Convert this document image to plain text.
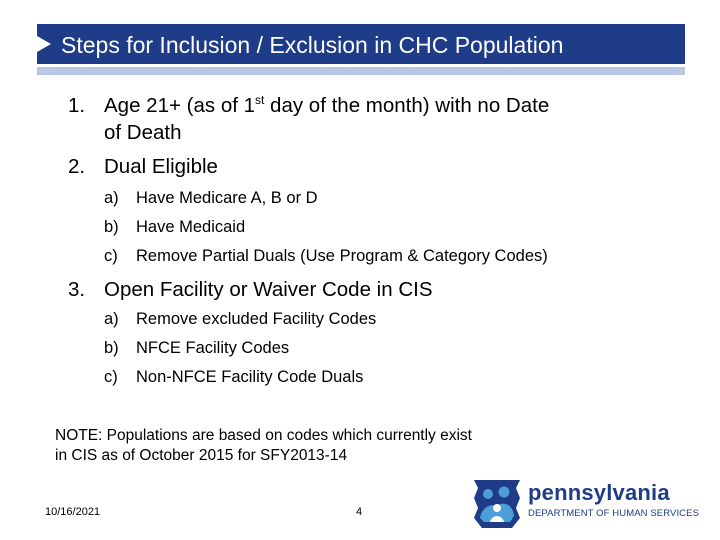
Steps for Inclusion / Exclusion in CHC Population
1. Age 21+ (as of 1st day of the month) with no Date
of Death
2. Dual Eligible
a) Have Medicare A, B or D
b) Have Medicaid
c) Remove Partial Duals (Use Program & Category Codes)
3. Open Facility or Waiver Code in CIS
a) Remove excluded Facility Codes
b) NFCE Facility Codes
c) Non-NFCE Facility Code Duals
NOTE: Populations are based on codes which currently exist
in CIS as of October 2015 for SFY2013-14
10/16/2021	4
pennsylvania
DEPARTMENT OF HUMAN SERVICES
